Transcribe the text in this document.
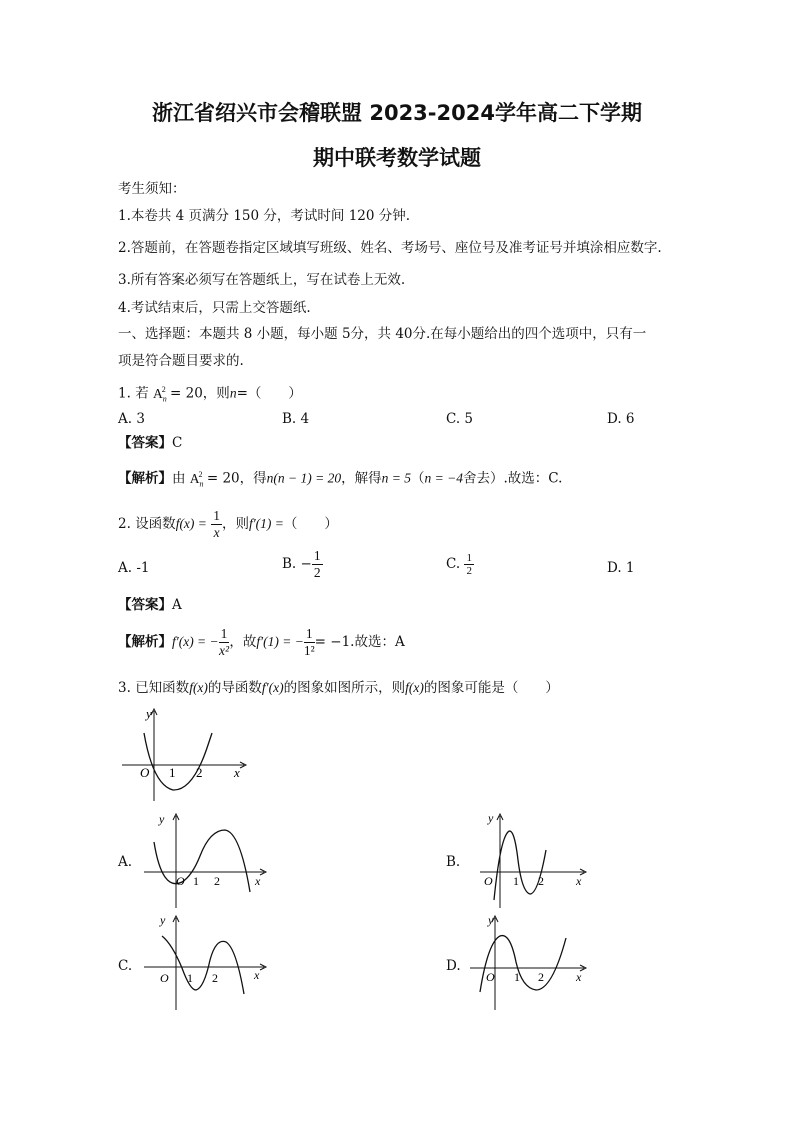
浙江省绍兴市会稽联盟 2023-2024学年高二下学期
期中联考数学试题
考生须知：
1.本卷共 4 页满分 150 分，考试时间 120 分钟.
2.答题前，在答题卷指定区域填写班级、姓名、考场号、座位号及准考证号并填涂相应数字.
3.所有答案必须写在答题纸上，写在试卷上无效.
4.考试结束后，只需上交答题纸.
一、选择题：本题共 8 小题，每小题 5分，共 40分.在每小题给出的四个选项中，只有一
项是符合题目要求的.
1. 若 $A_n^2 = 20$，则n=（　　）
A. 3	B. 4	C. 5	D. 6
【答案】C
【解析】由 $A_n^2 = 20$，得n(n − 1) = 20，解得n = 5（n = −4舍去）.故选：C.
2. 设函数$f(x) = \frac{1}{x}$ ，则f′(1) =（　　）
A. -1	B. − $\frac{1}{2}$	C. $\frac{1}{2}$	D. 1
【答案】A
【解析】f′(x) = − $\frac{1}{\text{x²}}$ ，故f′(1) = − $\frac{1}{\text{1²}} = -1$.故选：A
3. 已知函数f(x)的导函数f′(x)的图象如图所示，则f(x)的图象可能是（　　）
y
x
O 1 2
A.
y
x
O 1 2
B.
y
x
O 1 2
C.
y
x
O 1 2
D.
y
x
O 1 2
